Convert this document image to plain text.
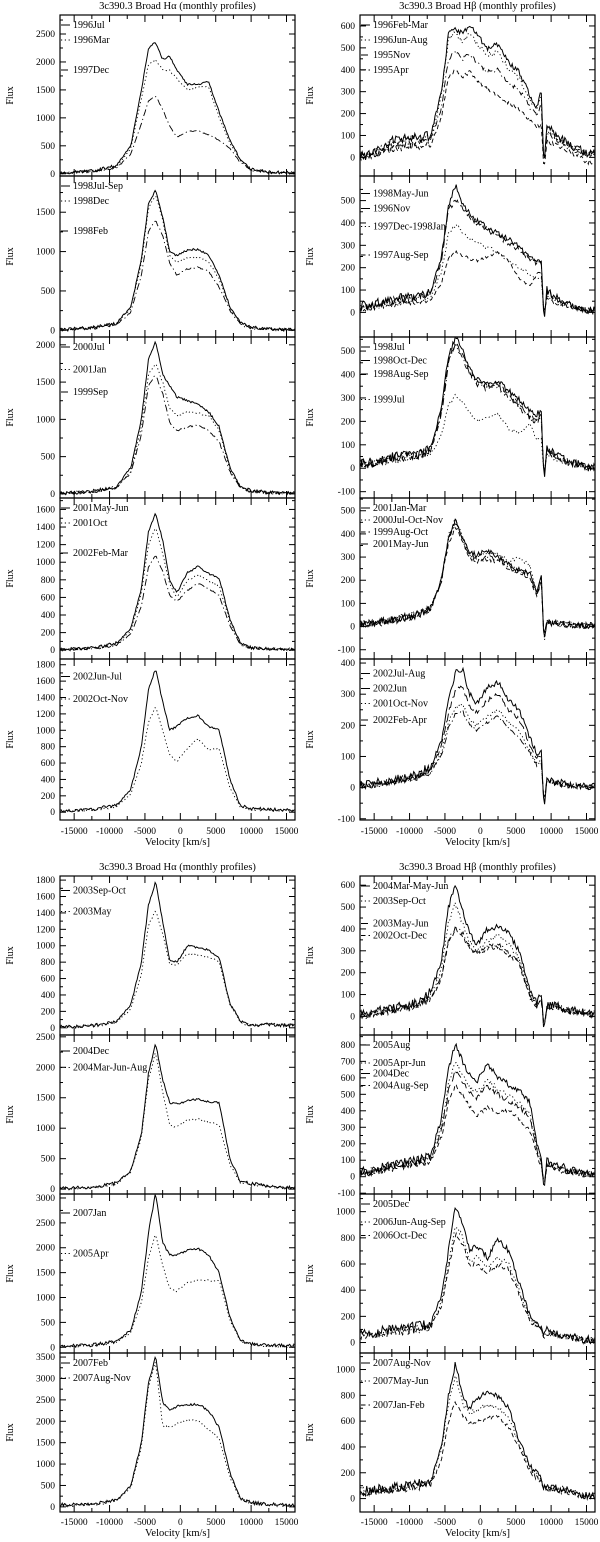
3c390.3 Broad Hα (monthly profiles)	3c390.3 Broad Hβ (monthly profiles)
0
500
1000
1500
2000
2500
Flux
1996Jul
1996Mar
1997Dec
0
500
1000
1500
Flux
1998Jul-Sep
1998Dec
1998Feb
0
500
1000
1500
2000
Flux
2000Jul
2001Jan
1999Sep
0
200
400
600
800
1000
1200
1400
1600
Flux
2001May-Jun
2001Oct
2002Feb-Mar
0
200
400
600
800
1000
1200
1400
1600
1800
Flux
2002Jun-Jul
2002Oct-Nov
-15000 -10000 -5000 0 5000 10000 15000
0
100
200
300
400
500
600
Flux
1996Feb-Mar
1996Jun-Aug
1995Nov
1995Apr
0
100
200
300
400
500
Flux
1998May-Jun
1996Nov
1997Dec-1998Jan
1997Aug-Sep
-100
0
100
200
300
400
500
Flux
1998Jul
1998Oct-Dec
1998Aug-Sep
1999Jul
-100
0
100
200
300
400
500
Flux
2001Jan-Mar
2000Jul-Oct-Nov
1999Aug-Oct
2001May-Jun
-100
0
100
200
300
400
Flux
2002Jul-Aug
2002Jun
2001Oct-Nov
2002Feb-Apr
-15000 -10000 -5000 0 5000 10000 15000
Velocity [km/s]	Velocity [km/s]
3c390.3 Broad Hα (monthly profiles)	3c390.3 Broad Hβ (monthly profiles)
0
200
400
600
800
1000
1200
1400
1600
1800
Flux
2003Sep-Oct
2003May
0
500
1000
1500
2000
2500
Flux
2004Dec
2004Mar-Jun-Aug
0
500
1000
1500
2000
2500
3000
Flux
2007Jan
2005Apr
0
500
1000
1500
2000
2500
3000
3500
Flux
2007Feb
2007Aug-Nov
-15000 -10000 -5000 0 5000 10000 15000
0
100
200
300
400
500
600
Flux
2004Mar-May-Jun
2003Sep-Oct
2003May-Jun
2002Oct-Dec
-100
0
100
200
300
400
500
600
700
800
Flux
2005Aug
2005Apr-Jun
2004Dec
2004Aug-Sep
0
200
400
600
800
1000
Flux
2005Dec
2006Jun-Aug-Sep
2006Oct-Dec
0
200
400
600
800
1000
Flux
2007Aug-Nov
2007May-Jun
2007Jan-Feb
-15000 -10000 -5000 0 5000 10000 15000
Velocity [km/s]	Velocity [km/s]
